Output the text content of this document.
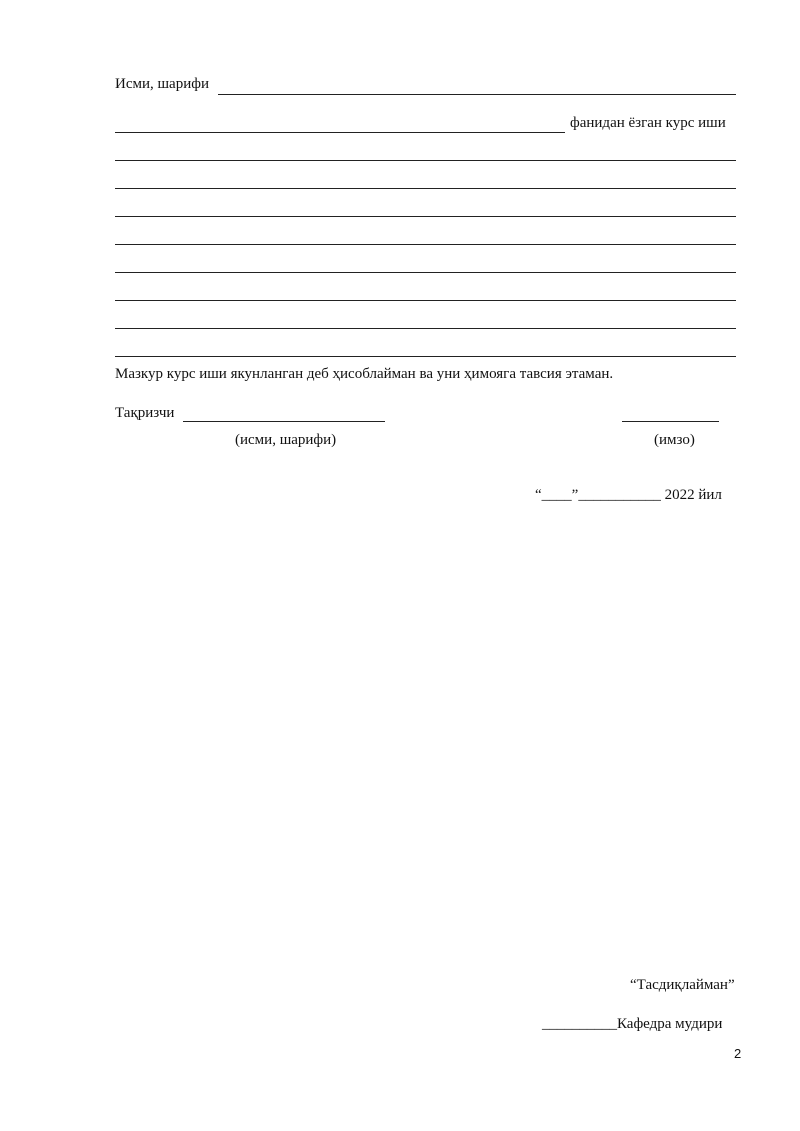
Исми, шарифи
фанидан ёзган курс иши
Мазкур курс иши якунланган деб ҳисоблайман ва уни ҳимояга тавсия этаман.
Тақризчи
(исми, шарифи)	(имзо)
“____”___________ 2022 йил
“Тасдиқлайман”
__________Кафедра мудири
2
